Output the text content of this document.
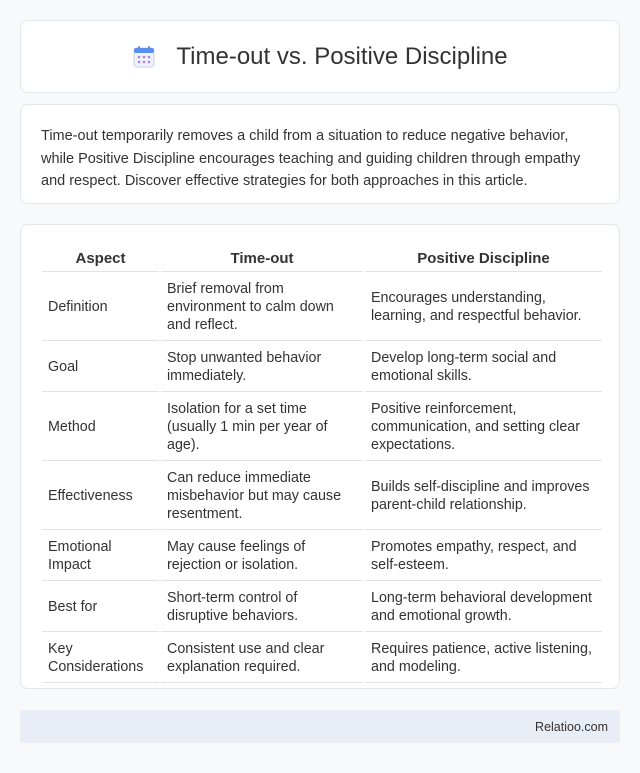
Time-out vs. Positive Discipline

Time-out temporarily removes a child from a situation to reduce negative behavior, while Positive Discipline encourages teaching and guiding children through empathy and respect. Discover effective strategies for both approaches in this article.

Aspect	Time-out	Positive Discipline
Definition	Brief removal from environment to calm down and reflect.	Encourages understanding, learning, and respectful behavior.
Goal	Stop unwanted behavior immediately.	Develop long-term social and emotional skills.
Method	Isolation for a set time (usually 1 min per year of age).	Positive reinforcement, communication, and setting clear expectations.
Effectiveness	Can reduce immediate misbehavior but may cause resentment.	Builds self-discipline and improves parent-child relationship.
Emotional Impact	May cause feelings of rejection or isolation.	Promotes empathy, respect, and self-esteem.
Best for	Short-term control of disruptive behaviors.	Long-term behavioral development and emotional growth.
Key Considerations	Consistent use and clear explanation required.	Requires patience, active listening, and modeling.
Relatioo.com
